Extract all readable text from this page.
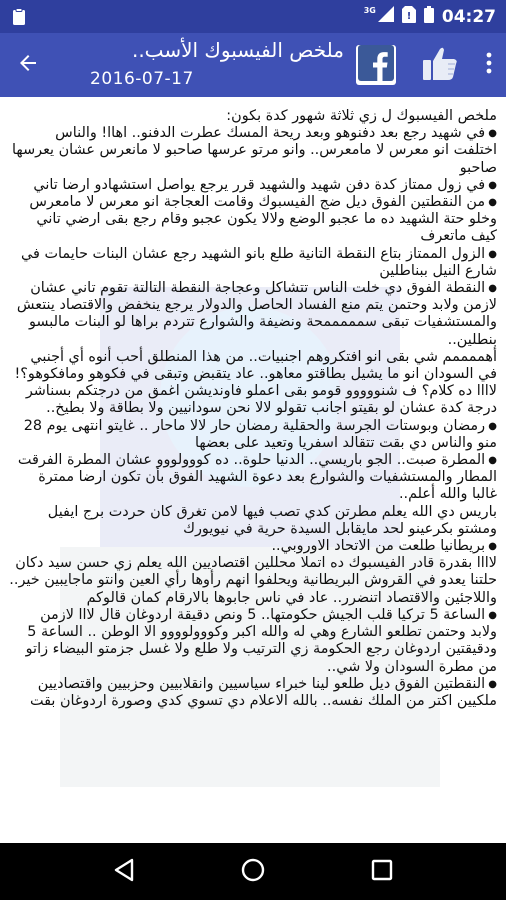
3G	! 04:27
ملخص الفيسبوك الأسب..
2016-07-17

ملخص الفيسبوك ل زي ثلاثة شهور كدة بكون:

● في شهيد رجع بعد دفنوهو وبعد ريحة المسك عطرت الدفنو.. اهاا! والناس اختلفت انو معرس لا مامعرس.. وانو مرتو عرسها صاحبو لا مانعرس عشان يعرسها صاحبو

● في زول ممتاز كدة دفن شهيد والشهيد قرر يرجع يواصل استشهادو ارضا تاني

● من النقطتين الفوق ديل ضج الفيسبوك وقامت العجاجة انو معرس لا مامعرس وخلو حتة الشهيد ده ما عجبو الوضع ولالا يكون عجبو وقام رجع بقى ارضي تاني كيف ماتعرف

● الزول الممتاز بتاع النقطة التانية طلع بانو الشهيد رجع عشان البنات حايمات في شارع النيل ببناطلين

● النقطة الفوق دي خلت الناس تتشاكل وعجاجة النقطة التالتة تقوم تاني عشان لازمن ولابد وحتمن يتم منع الفساد الحاصل والدولار يرجع ينخفض والاقتصاد ينتعش والمستشفيات تبقى سمممممحة ونضيفة والشوارع تتردم براها لو البنات مالبسو بنطلين..

أهممممم شي بقى انو افتكروهم اجنبيات.. من هذا المنطلق أحب أنوه أي أجنبي في السودان انو ما يشيل بطاقتو معاهو.. عاد يتقبض وتبقى في فكوهو ومافكوهو؟! لاااا ده كلام؟ ف شنووووو قومو بقى اعملو فاونديشن اغمق من درجتكم بسناشر درجة كدة عشان لو بقيتو اجانب تقولو لالا نحن سودانيين ولا بطاقة ولا بطيخ..

● رمضان وبوستات الجرسة والحقلية رمضان حار لالا ماحار .. غايتو انتهى يوم 28 منو والناس دي بقت تتقالد اسفريا وتعيد على بعضها

● المطرة صبت.. الجو باريسي.. الدنيا حلوة.. ده كووولووو عشان المطرة الفرقت المطار والمستشفيات والشوارع بعد دعوة الشهيد الفوق بأن تكون ارضا ممترة غالبا والله أعلم..

باريس دي الله يعلم مطرتن كدي تصب فيها لامن تغرق كان حردت برج ايفيل ومشتو بكرعينو لحد مايقابل السيدة حرية في نيويورك

● بريطانيا طلعت من الاتحاد الاوروبي..

لاااا بقدرة قادر الفيسبوك ده اتملا محللين اقتصاديين الله يعلم زي حسن سيد دكان حلتنا يعدو في القروش البريطانية ويحلفوا انهم رأوها رأي العين وانتو ماجايبين خير.. واللاجئين والاقتصاد اتنضرر.. عاد في ناس جابوها بالارقام كمان قالوكم

● الساعة 5 تركيا قلب الجيش حكومتها.. 5 ونص دقيقة اردوغان قال لااا لازمن ولابد وحتمن تطلعو الشارع وهي له والله اكبر وكووولوووو الا الوطن .. الساعة 5 ودقيقتين اردوغان رجع الحكومة زي الترتيب ولا طلع ولا غسل جزمتو البيضاء زاتو من مطرة السودان ولا شي..

● النقطتين الفوق ديل طلعو لينا خبراء سياسيين وانقلابيين وحزبيين واقتصاديين ملكيين اكتر من الملك نفسه.. بالله الاعلام دي تسوي كدي وصورة اردوغان بقت
